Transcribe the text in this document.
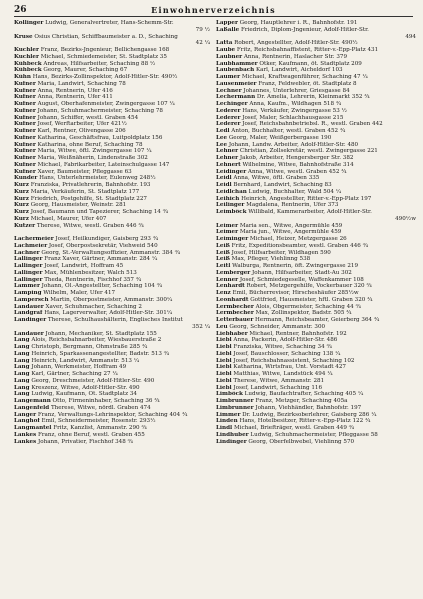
26	Einwohnerverzeichnis
Kollinger Ludwig, Generalvertreter, Hans-Schemm-Str.
79 ½
Kruse Osius Christian, Schiffbaumeister a. D., Schaching
42 ¼
Kuchler Franz, Bezirks-Jngenieur, Bellichengasse 168
Kuchler Michael, Schmiedemeister, St. Stadtplatz 35
Kühbeck Andreas, Hilfsarbeiter, Schaching 88 ½
Kühbeck Georg, Maurer, Schaching 67
Kühn Hans, Bezirks-Zollinspektor, Adolf-Hitler-Str. 490½
Kufner Maria, Landwirt, Schaching 78
Kufner Anna, Rentnerin, Ufer 416
Kufner Anna, Rentnerin, Ufer 411
Kufner August, Oberhafenmeister, Zwingergasse 107 ¼
Kufner Johann, Schuhmachermeister, Schaching 78
Kufner Johann, Schiffer, westl. Graben 454
Kufner Josef, Werftarbeiter, Ufer 421½
Kufner Karl, Rentner, Olivengasse 206
Kufner Katharina, Geschäftsfrau, Luitpoldplatz 156
Kufner Katharina, ohne Beruf, Schaching 78
Kufner Maria, Witwe, öftl. Zwingergasse 107 ¼
Kufner Maria, Weißnäherin, Lindenstraße 302
Kufner Michael, Fabrikarbeiter, Lateinschulgasse 147
Kufner Xaver, Baumeister, Pfleggasse 63
Kunder Hans, Unterlehrmeister, Eulenweg 248½
Kurz Franziska, Privatlehrerin, Bahnhofstr. 193
Kurz Maria, Verkäuferin, St. Stadtplatz 177
Kurz Friedrich, Postgehilfe, St. Stadtplatz 227
Kurz Georg, Hausmeister, Weinstr. 281
Kurz Josef, Baumann und Tapezierer, Schaching 14 ¾
Kurz Michael, Maurer, Ufer 407
Kutzer Therese, Witwe, westl. Graben 446 ¾
Lachermeier Josef, Heilkundiger, Gaisberg 293 ¾
Lachmeier Josef, Oberpostsekretär, Viehweid 540
Lachner Georg, St.-Verwaltungsoffizier, Ammanstr. 384 ¾
Lallinger Franz Xaver, Gärtner, Ammanstr. 284 ¼
Lallinger Josef, Landwirt, Hoffram 45
Lallinger Max, Mühlenbesitzer, Walch 513
Lallinger Theda, Rentnerin, Fischhof 357 ¾
Lammer Johann, Öl.-Angestellter, Schaching 104 ¾
Lamping Wilhelm, Maler, Ufer 417
Lampersch Martin, Oberpostmeister, Ammanstr. 300¼
Landauer Xaver, Schuhmacher, Schaching 2
Landgraf Hans, Lagerverwalter, Adolf-Hitler-Str. 301¼
Landinger Therese, Schulhaushälterin, Englisches Institut
352 ¼
Landauer Johann, Mechaniker, St. Stadtplatz 155
Lang Alois, Reichsbahnarbeiter, Wiesbauerstraße 2
Lang Christoph, Bergmann, Ohmstraße 285 ¾
Lang Heinrich, Sparkassenangestellter, Badstr. 513 ¾
Lang Heinrich, Landwirt, Ammanstr. 513 ¼
Lang Johann, Werkmeister, Hoffram 49
Lang Karl, Gärtner, Schaching 27 ¼
Lang Georg, Dreschmeister, Adolf-Hitler-Str. 490
Lang Kreszenz, Witwe, Adolf-Hitler-Str. 490
Lang Ludwig, Kaufmann, Öt. Stadtplatz 34
Langemann Otto, Firmeninhaber, Schaching 36 ¾
Langenfeld Therese, Witwe, nördl. Graben 474
Langer Franz, Verwaltungs-Lehrinspektor, Schaching 404 ¾
Langhof Emil, Schneidermeister, Rosenstr. 293½
Langmantel Fritz, Kanzlist, Ammanstr. 290 ¾
Lankes Franz, ohne Beruf, westl. Graben 455
Lankes Johann, Privatier, Fischhof 348 ¾
Lapper Georg, Hauptlehrer i. R., Bahnhofstr. 191
Laßalle Friedrich, Diplom-Jngenieur, Adolf-Hitler-Str.
494
Latta Robert, Angestellter, Adolf-Hitler-Str. 490½
Laube Fritz, Reichsbahnaffistent, Ritter-v.-Epp-Platz 431
Laubner Anna, Rentnerin, Haslacher Str. 379
Laubhammer Otker, Kaufmann, öt. Stadtplatz 209
Laubenbach Karl, Landwirt, Aicheldorf 103
Laumer Michael, Kraftwagenführer, Schaching 47 ¼
Lausenmeier Franz, Feldwebler, öt. Stadtplatz 8
Lechner Johannes, Unterlehrer, Griesgasse 84
Lechermann Dr. Amelia, Lehrerin, Kleinmarkt 352 ¾
Lechinger Anna, Kaufm., Wildhagen 518 ¾
Lederer Hans, Verkäufer, Zwingergasse 53 ½
Lederer Josef, Maler, Schlachhausgasse 215
Lederer Josef, Reichsbahnbetriebsl. R., westl. Graben 442
Ledl Anton, Buchhalter, westl. Graben 452 ¾
Lee Georg, Maler, Weißgerbergasse 190
Lee Johann, Landw. Arbeiter, Adolf-Hitler-Str. 480
Lehner Christian, Zollsekretär, westl. Zwingergasse 221
Lehner Jakob, Arbeiter, Hengersberger Str. 382
Lehnert Wilhelmine, Witwe, Bahnhofstraße 314
Leidinger Anna, Witwe, westl. Graben 452 ¾
Leidl Anna, Witwe, öftl. Graben 335
Leidl Bernhard, Landwirt, Schaching 83
Leidlchan Ludwig, Buchhalter, Wald 504 ¼
Leihich Heinrich, Angestellter, Ritter-v.-Epp-Platz 197
Leilinger Magdalena, Rentnerin, Ufer 373
Leimböck Willibald, Kammerarbeiter, Adolf-Hitler-Str.
490½w
Leimer Maria sen., Witwe, Angermühle 459
Leimer Maria jun., Witwe, Angermühle 459
Leiminger Michael, Heizer, Metzgergasse 26
Leiß Fritz, Expeditionsbeamter, westl. Graben 446 ¾
Leiß Josef, Hilfsarbeiter, Wildhagen 590
Leiß Max, Pfleger, Viehlinng 538
Leitl Walburga, Rentnerin, öft. Zwingergasse 219
Lemberger Johann, Hilfsarbeiter, Stadt-Au 302
Lenner Josef, Schmiedegeselle, Waffenkammer 108
Lenhardt Robert, Metzgergehilfe, Vockerbauer 320 ¾
Lenz Emil, Bücherrevisor, Hirscheshäufer 285½w
Leonhardt Gottfried, Hausmeister, hftl. Graben 320 ¾
Lermbecher Alois, Obgermeister, Schaching 44 ¾
Lermbecher Max, Zollinspektor, Badstr. 505 ¾
Letterbauer Hermann, Reichsbeamter, Geierberg 364 ¾
Leu Georg, Schneider, Ammanstr. 300
Liebhaber Michael, Rentner, Bahnhofstr. 192
Liebl Anna, Packerin, Adolf-Hitler-Str. 486
Liebl Franziska, Witwe, Schaching 34 ¾
Liebl Josef, Bauschlosser, Schaching 138 ¼
Liebl Josef, Reichsbahnassistent, Schaching 102
Liebl Katharina, Wirtsfrau, Unt. Vorstadt 427
Liebl Matthias, Witwe, Landstück 494 ¼
Liebl Therese, Witwe, Ammanstr. 281
Liebl Josef, Landwirt, Schaching 116
Limböck Ludwig, Baufachtrafter, Schaching 405 ¼
Limbrunner Franz, Metzger, Schaching 405a
Limbrunner Johann, Viehhändler, Bahnhofstr. 197
Limmer Dr. Ludwig, Bezirksoberlehrer, Gaisberg 286 ¼
Linden Hans, Hotelbesitzer, Ritter-v.-Epp-Platz 122 ¾
Lindl Michael, Briefträger, westl. Graben 449 ¾
Lindhuber Ludwig, Schuhmachermeister, Pfleggasse 58
Lindinger Georg, Oberfelbwebel, Viehlinng 570
